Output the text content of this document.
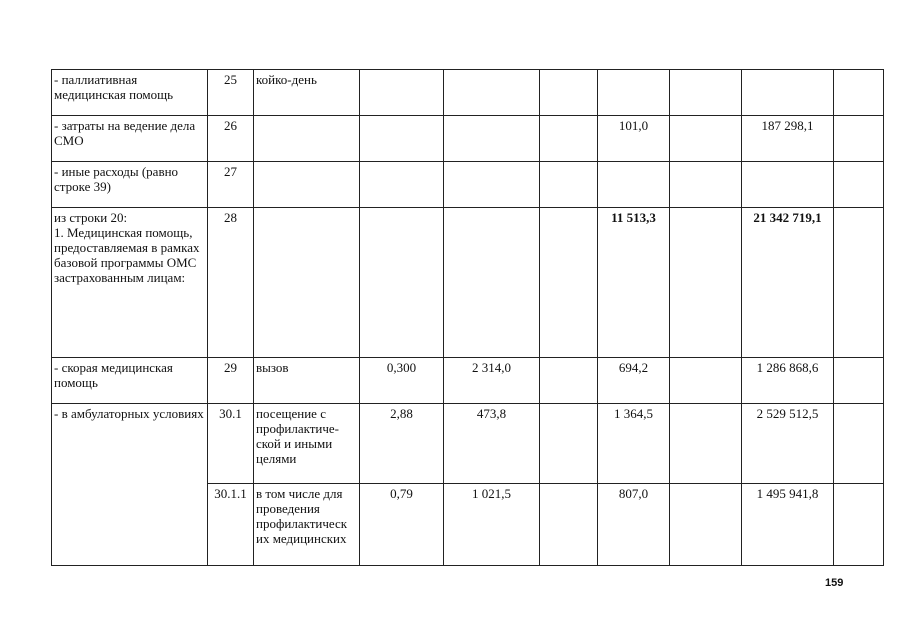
- паллиативная медицинская помощь	25	койко-день							
- затраты на ведение дела СМО	26					101,0		187 298,1	
- иные расходы (равно строке 39)	27								
из строки 20:
1. Медицинская помощь, предоставляемая в рамках базовой программы ОМС застрахованным лицам:	28					11 513,3		21 342 719,1	
- скорая медицинская помощь	29	вызов	0,300	2 314,0		694,2		1 286 868,6	
- в амбулаторных условиях	30.1	посещение с профилактиче-ской и иными целями	2,88	473,8		1 364,5		2 529 512,5	
	30.1.1	в том числе для проведения профилактическ их медицинских	0,79	1 021,5		807,0		1 495 941,8	
159
